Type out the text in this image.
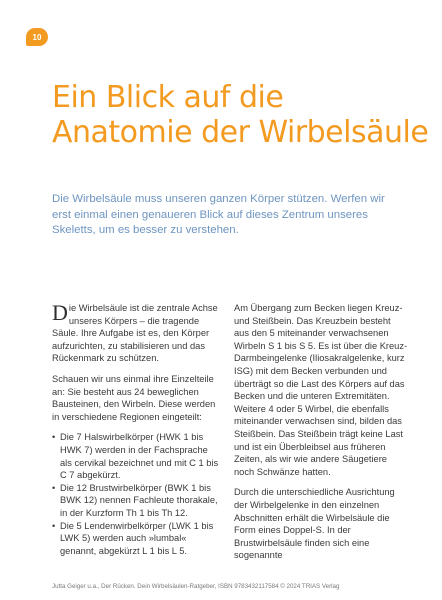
10
Ein Blick auf die
Anatomie der Wirbelsäule

Die Wirbelsäule muss unseren ganzen Körper stützen. Werfen wir erst einmal einen genaueren Blick auf dieses Zentrum unseres Skeletts, um es besser zu verstehen.

Die Wirbelsäule ist die zentrale Achse unseres Körpers – die tragende Säule. Ihre Aufgabe ist es, den Körper aufzurichten, zu stabilisieren und das Rückenmark zu schützen.

Schauen wir uns einmal ihre Einzelteile an: Sie besteht aus 24 beweglichen Bausteinen, den Wirbeln. Diese werden in verschiedene Regionen eingeteilt:

• Die 7 Halswirbelkörper (HWK 1 bis HWK 7) werden in der Fachsprache als cervikal bezeichnet und mit C 1 bis C 7 abgekürzt.
• Die 12 Brustwirbelkörper (BWK 1 bis BWK 12) nennen Fachleute thorakale, in der Kurzform Th 1 bis Th 12.
• Die 5 Lendenwirbelkörper (LWK 1 bis LWK 5) werden auch »lumbal« genannt, abgekürzt L 1 bis L 5.

Am Übergang zum Becken liegen Kreuz- und Steißbein. Das Kreuzbein besteht aus den 5 miteinander verwachsenen Wirbeln S 1 bis S 5. Es ist über die Kreuz-Darmbeingelenke (Iliosakralgelenke, kurz ISG) mit dem Becken verbunden und überträgt so die Last des Körpers auf das Becken und die unteren Extremitäten. Weitere 4 oder 5 Wirbel, die ebenfalls miteinander verwachsen sind, bilden das Steißbein. Das Steißbein trägt keine Last und ist ein Überbleibsel aus früheren Zeiten, als wir wie andere Säugetiere noch Schwänze hatten.

Durch die unterschiedliche Ausrichtung der Wirbelgelenke in den einzelnen Abschnitten erhält die Wirbelsäule die Form eines Doppel-S. In der Brustwirbelsäule finden sich eine sogenannte

Jutta Geiger u.a., Der Rücken. Dein Wirbelsäulen-Ratgeber, ISBN 9783432117584 © 2024 TRIAS Verlag
